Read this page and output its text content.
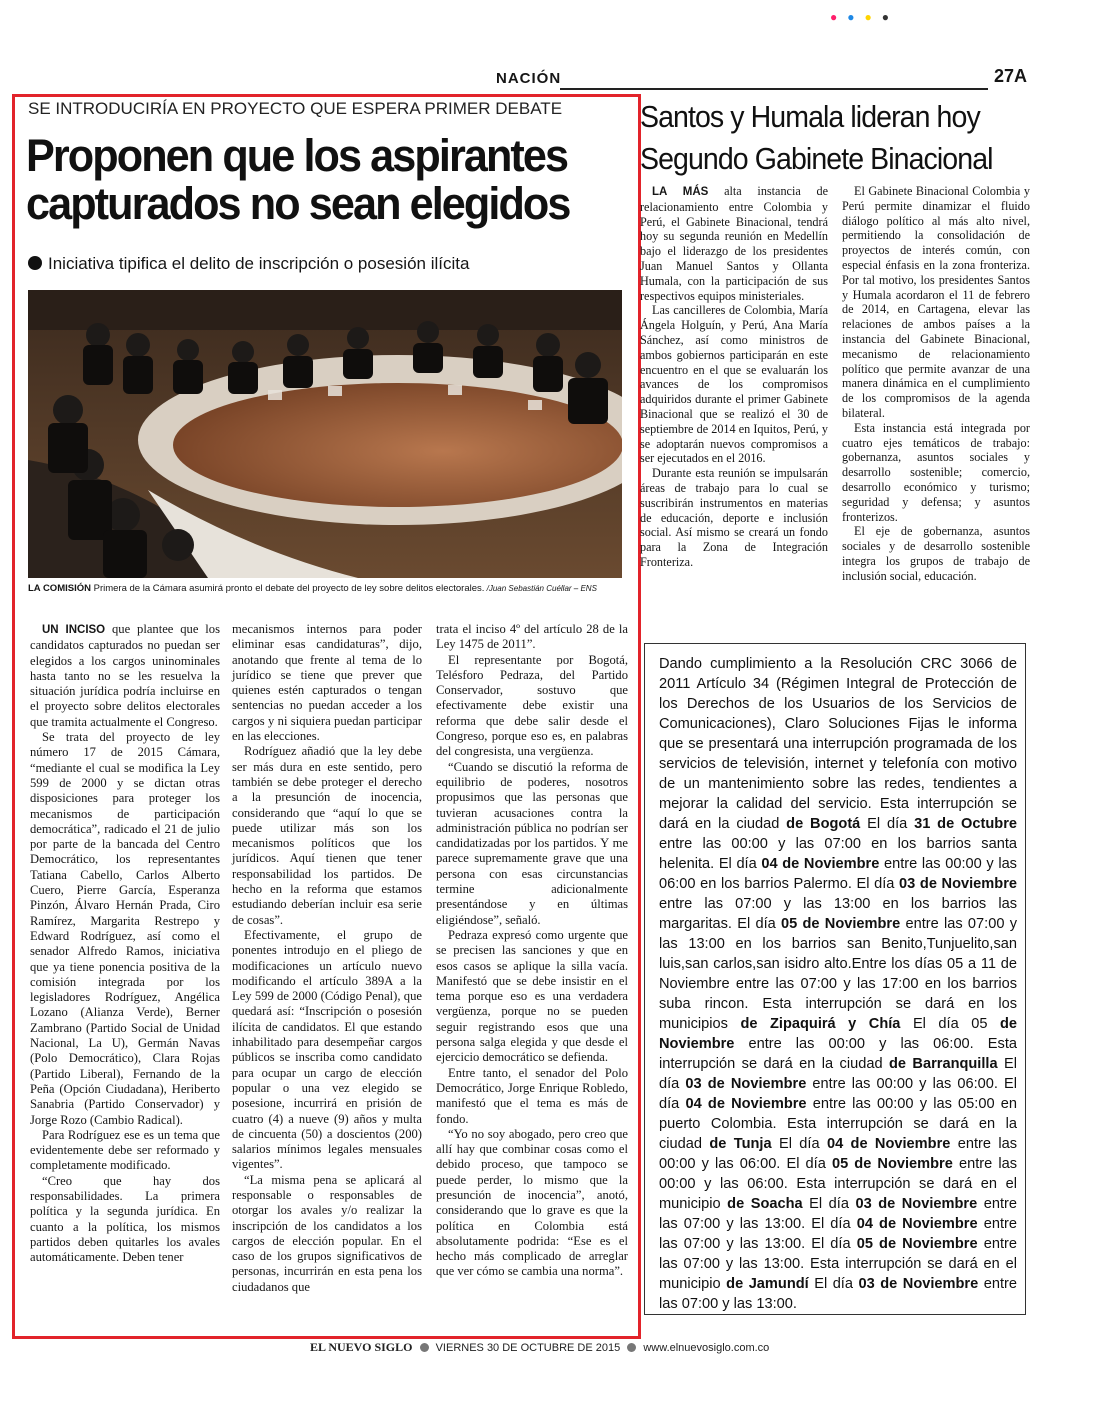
●●●●
NACIÓN	27A
SE INTRODUCIRÍA EN PROYECTO QUE ESPERA PRIMER DEBATE
Proponen que los aspirantes capturados no sean elegidos
Iniciativa tipifica el delito de inscripción o posesión ilícita
LA COMISIÓN Primera de la Cámara asumirá pronto el debate del proyecto de ley sobre delitos electorales. /Juan Sebastián Cuéllar – ENS

UN INCISO que plantee que los candidatos capturados no puedan ser elegidos a los cargos uninominales hasta tanto no se les resuelva la situación jurídica podría incluirse en el proyecto sobre delitos electorales que tramita actualmente el Congreso.

Se trata del proyecto de ley número 17 de 2015 Cámara, “mediante el cual se modifica la Ley 599 de 2000 y se dictan otras disposiciones para proteger los mecanismos de participación democrática”, radicado el 21 de julio por parte de la bancada del Centro Democrático, los representantes Tatiana Cabello, Carlos Alberto Cuero, Pierre García, Esperanza Pinzón, Álvaro Hernán Prada, Ciro Ramírez, Margarita Restrepo y Edward Rodríguez, así como el senador Alfredo Ramos, iniciativa que ya tiene ponencia positiva de la comisión integrada por los legisladores Rodríguez, Angélica Lozano (Alianza Verde), Berner Zambrano (Partido Social de Unidad Nacional, La U), Germán Navas (Polo Democrático), Clara Rojas (Partido Liberal), Fernando de la Peña (Opción Ciudadana), Heriberto Sanabria (Partido Conservador) y Jorge Rozo (Cambio Radical).

Para Rodríguez ese es un tema que evidentemente debe ser reformado y completamente modificado.

“Creo que hay dos responsabilidades. La primera política y la segunda jurídica. En cuanto a la política, los mismos partidos deben quitarles los avales automáticamente. Deben tener

mecanismos internos para poder eliminar esas candidaturas”, dijo, anotando que frente al tema de lo jurídico se tiene que prever que quienes estén capturados o tengan sentencias no puedan acceder a los cargos y ni siquiera puedan participar en las elecciones.

Rodríguez añadió que la ley debe ser más dura en este sentido, pero también se debe proteger el derecho a la presunción de inocencia, considerando que “aquí lo que se puede utilizar más son los mecanismos políticos que los jurídicos. Aquí tienen que tener responsabilidad los partidos. De hecho en la reforma que estamos estudiando deberían incluir esa serie de cosas”.

Efectivamente, el grupo de ponentes introdujo en el pliego de modificaciones un artículo nuevo modificando el artículo 389A a la Ley 599 de 2000 (Código Penal), que quedará así: “Inscripción o posesión ilícita de candidatos. El que estando inhabilitado para desempeñar cargos públicos se inscriba como candidato para ocupar un cargo de elección popular o una vez elegido se posesione, incurrirá en prisión de cuatro (4) a nueve (9) años y multa de cincuenta (50) a doscientos (200) salarios mínimos legales mensuales vigentes”.

“La misma pena se aplicará al responsable o responsables de otorgar los avales y/o realizar la inscripción de los candidatos a los cargos de elección popular. En el caso de los grupos significativos de personas, incurrirán en esta pena los ciudadanos que

trata el inciso 4º del artículo 28 de la Ley 1475 de 2011”.

El representante por Bogotá, Telésforo Pedraza, del Partido Conservador, sostuvo que efectivamente debe existir una reforma que debe salir desde el Congreso, porque eso es, en palabras del congresista, una vergüenza.

“Cuando se discutió la reforma de equilibrio de poderes, nosotros propusimos que las personas que tuvieran acusaciones contra la administración pública no podrían ser candidatizadas por los partidos. Y me parece supremamente grave que una persona con esas circunstancias termine adicionalmente presentándose y en últimas eligiéndose”, señaló.

Pedraza expresó como urgente que se precisen las sanciones y que en esos casos se aplique la silla vacía. Manifestó que se debe insistir en el tema porque eso es una verdadera vergüenza, porque no se pueden seguir registrando esos que una persona salga elegida y que desde el ejercicio democrático se defienda.

Entre tanto, el senador del Polo Democrático, Jorge Enrique Robledo, manifestó que el tema es más de fondo.

“Yo no soy abogado, pero creo que allí hay que combinar cosas como el debido proceso, que tampoco se puede perder, lo mismo que la presunción de inocencia”, anotó, considerando que lo grave es que la política en Colombia está absolutamente podrida: “Ese es el hecho más complicado de arreglar que ver cómo se cambia una norma”.

Santos y Humala lideran hoy
Segundo Gabinete Binacional

LA MÁS alta instancia de relacionamiento entre Colombia y Perú, el Gabinete Binacional, tendrá hoy su segunda reunión en Medellín bajo el liderazgo de los presidentes Juan Manuel Santos y Ollanta Humala, con la participación de sus respectivos equipos ministeriales.

Las cancilleres de Colombia, María Ángela Holguín, y Perú, Ana María Sánchez, así como ministros de ambos gobiernos participarán en este encuentro en el que se evaluarán los avances de los compromisos adquiridos durante el primer Gabinete Binacional que se realizó el 30 de septiembre de 2014 en Iquitos, Perú, y se adoptarán nuevos compromisos a ser ejecutados en el 2016.

Durante esta reunión se impulsarán áreas de trabajo para lo cual se suscribirán instrumentos en materias de educación, deporte e inclusión social. Así mismo se creará un fondo para la Zona de Integración Fronteriza.

El Gabinete Binacional Colombia y Perú permite dinamizar el fluido diálogo político al más alto nivel, permitiendo la consolidación de proyectos de interés común, con especial énfasis en la zona fronteriza. Por tal motivo, los presidentes Santos y Humala acordaron el 11 de febrero de 2014, en Cartagena, elevar las relaciones de ambos países a la instancia del Gabinete Binacional, mecanismo de relacionamiento político que permite avanzar de una manera dinámica en el cumplimiento de los compromisos de la agenda bilateral.

Esta instancia está integrada por cuatro ejes temáticos de trabajo: gobernanza, asuntos sociales y desarrollo sostenible; comercio, desarrollo económico y turismo; seguridad y defensa; y asuntos fronterizos.

El eje de gobernanza, asuntos sociales y de desarrollo sostenible integra los grupos de trabajo de inclusión social, educación.

Dando cumplimiento a la Resolución CRC 3066 de 2011 Artículo 34 (Régimen Integral de Protección de los Derechos de los Usuarios de los Servicios de Comunicaciones), Claro Soluciones Fijas le informa que se presentará una interrupción programada de los servicios de televisión, internet y telefonía con motivo de un mantenimiento sobre las redes, tendientes a mejorar la calidad del servicio. Esta interrupción se dará en la ciudad de Bogotá El día 31 de Octubre entre las 00:00 y las 07:00 en los barrios santa helenita. El día 04 de Noviembre entre las 00:00 y las 06:00 en los barrios Palermo. El día 03 de Noviembre entre las 07:00 y las 13:00 en los barrios las margaritas. El día 05 de Noviembre entre las 07:00 y las 13:00 en los barrios san Benito,Tunjuelito,san luis,san carlos,san isidro alto.Entre los días 05 a 11 de Noviembre entre las 07:00 y las 17:00 en los barrios suba rincon. Esta interrupción se dará en los municipios de Zipaquirá y Chía El día 05 de Noviembre entre las 00:00 y las 06:00. Esta interrupción se dará en la ciudad de Barranquilla El día 03 de Noviembre entre las 00:00 y las 06:00. El día 04 de Noviembre entre las 00:00 y las 05:00 en puerto Colombia. Esta interrupción se dará en la ciudad de Tunja El día 04 de Noviembre entre las 00:00 y las 06:00. El día 05 de Noviembre entre las 00:00 y las 06:00. Esta interrupción se dará en el municipio de Soacha El día 03 de Noviembre entre las 07:00 y las 13:00. El día 04 de Noviembre entre las 07:00 y las 13:00. El día 05 de Noviembre entre las 07:00 y las 13:00. Esta interrupción se dará en el municipio de Jamundí El día 03 de Noviembre entre las 07:00 y las 13:00.
EL NUEVO SIGLO VIERNES 30 DE OCTUBRE DE 2015 www.elnuevosiglo.com.co
